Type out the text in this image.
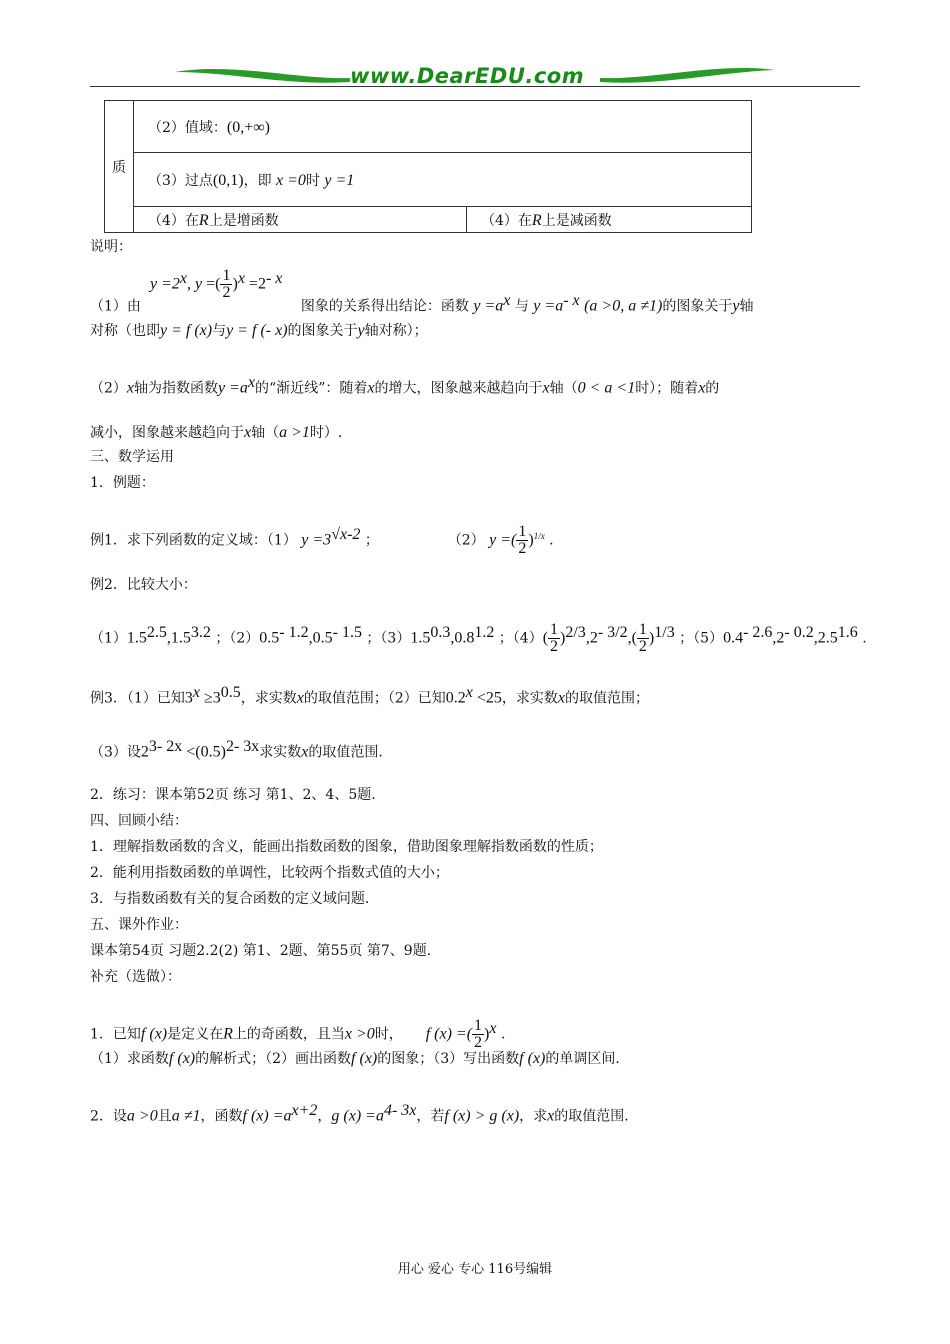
www.DearEDU.com
质	（2）值域：(0,+∞)	
	（3）过点(0,1)，即 x =0时 y =1	
	（4）在R上是增函数	（4）在R上是减函数
说明：
$y =2^x$, y =( $\frac{1}{2} )^x =2^{- x}$
（1）由	图象的关系得出结论：函数 $y =a^x$ 与 $y =a^{- x}$ (a >0, a ≠1)的图象关于y轴
对称（也即y = f (x)与y = f (- x)的图象关于y轴对称）；
（2）x轴为指数函数$y =a^x$的“渐近线”：随着x的增大，图象越来越趋向于x轴（0 < a <1时）；随着x的
减小，图象越来越趋向于x轴（a >1时）.
三、数学运用
1．例题：
例1．求下列函数的定义域：（1） $y =3^{√x-2}$ ；	（2） y =( $\frac{1}{2} )^{1/x}$ .
例2．比较大小：
$(1)1.5^{2.5},1.5^{3.2}$ ；$(2)0.5^{- 1.2},0.5^{- 1.5}$ ；$(3)1.5^{0.3},0.8^{1.2}$ ；$(4)( \frac{1}{2} )^{2/3},2^{- 3/2},( \frac{1}{2} )^{1/3}$ ；$(5)0.4^{- 2.6},2^{- 0.2},2.5^{1.6}$ .
例3．（1）已知$3^x \ge 3^{0.5}$，求实数x的取值范围；（2）已知$0.2^x <25$，求实数x的取值范围；
（3）设$2^{3- 2x} <(0.5)^{2- 3x}$求实数x的取值范围.
2．练习：课本第52页 练习 第1、2、4、5题.
四、回顾小结：
1．理解指数函数的含义，能画出指数函数的图象，借助图象理解指数函数的性质；
2．能利用指数函数的单调性，比较两个指数式值的大小；
3．与指数函数有关的复合函数的定义域问题.
五、课外作业：
课本第54页 习题2.2(2) 第1、2题、第55页 第7、9题.
补充（选做）：
1．已知f (x)是定义在R上的奇函数，且当x >0时， f (x) =( $\frac{1}{2} )^x$ .
（1）求函数f (x)的解析式；（2）画出函数f (x)的图象；（3）写出函数f (x)的单调区间.
2．设a >0且a ≠1，函数f $(x) =a^{x+2}$，g $(x) =a^{4- 3x}$，若f (x) > g (x)，求x的取值范围.
用心 爱心 专心 116号编辑
